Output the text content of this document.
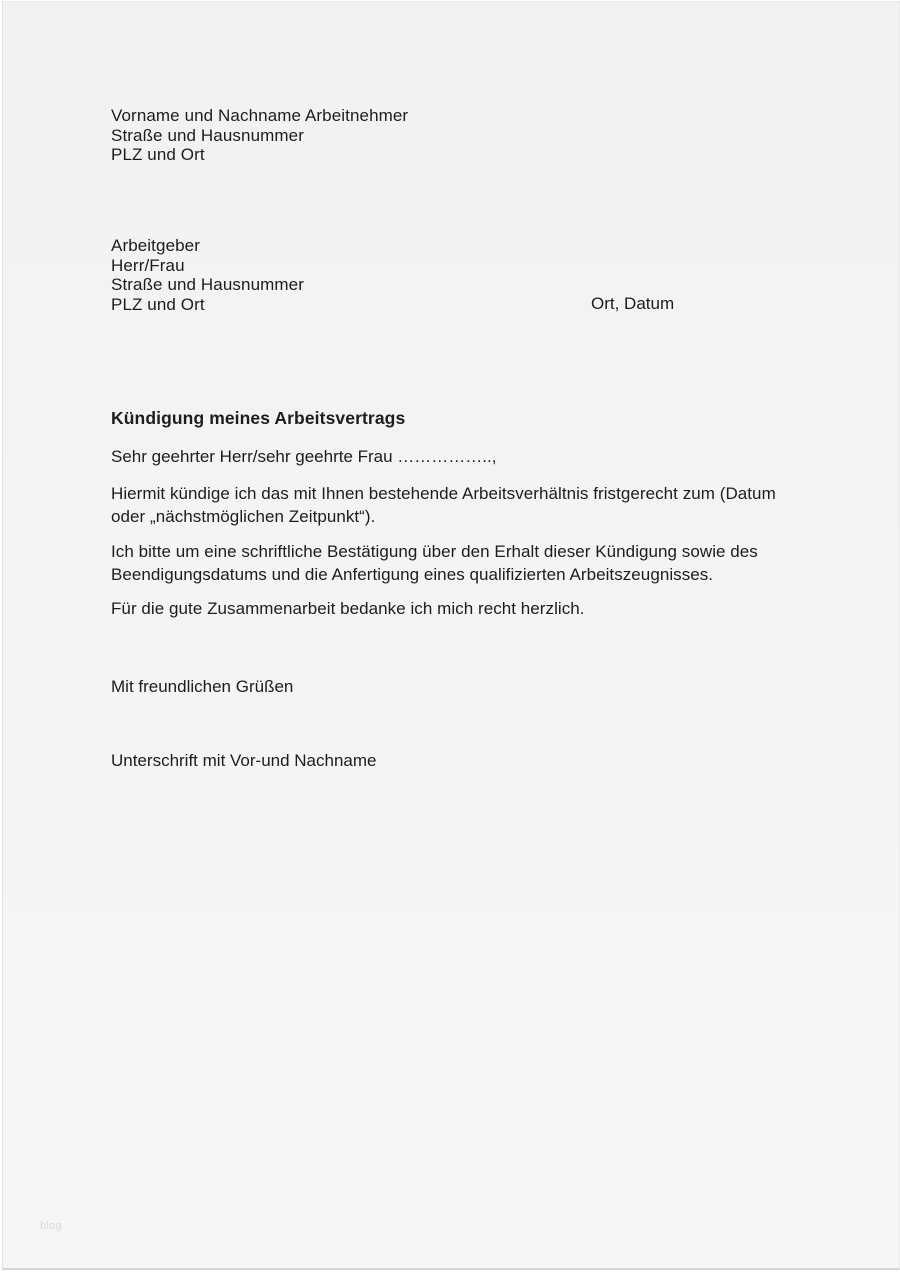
Vorname und Nachname Arbeitnehmer
Straße und Hausnummer
PLZ und Ort
Arbeitgeber
Herr/Frau
Straße und Hausnummer
PLZ und Ort	Ort, Datum
Kündigung meines Arbeitsvertrags
Sehr geehrter Herr/sehr geehrte Frau ……………..,
Hiermit kündige ich das mit Ihnen bestehende Arbeitsverhältnis fristgerecht zum (Datum oder „nächstmöglichen Zeitpunkt“).
Ich bitte um eine schriftliche Bestätigung über den Erhalt dieser Kündigung sowie des Beendigungsdatums und die Anfertigung eines qualifizierten Arbeitszeugnisses.
Für die gute Zusammenarbeit bedanke ich mich recht herzlich.
Mit freundlichen Grüßen
Unterschrift mit Vor-und Nachname
blog
